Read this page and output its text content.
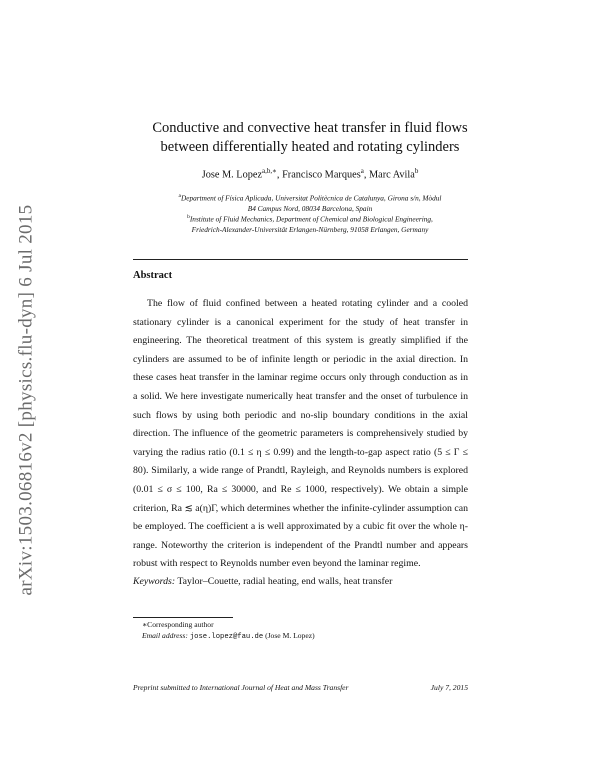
arXiv:1503.06816v2 [physics.flu-dyn] 6 Jul 2015
Conductive and convective heat transfer in fluid flows
between differentially heated and rotating cylinders
Jose M. Lopez$^{a,b,∗}$, Francisco Marques$^a$, Marc Avila$^b$
$^a$Department of Física Aplicada, Universitat Politècnica de Catalunya, Girona s/n, Mòdul
B4 Campus Nord, 08034 Barcelona, Spain
$^b$Institute of Fluid Mechanics, Department of Chemical and Biological Engineering,
Friedrich-Alexander-Universität Erlangen-Nürnberg, 91058 Erlangen, Germany
Abstract

The flow of fluid confined between a heated rotating cylinder and a cooled stationary cylinder is a canonical experiment for the study of heat transfer in engineering. The theoretical treatment of this system is greatly simplified if the cylinders are assumed to be of infinite length or periodic in the axial direction. In these cases heat transfer in the laminar regime occurs only through conduction as in a solid. We here investigate numerically heat transfer and the onset of turbulence in such flows by using both periodic and no-slip boundary conditions in the axial direction. The influence of the geometric parameters is comprehensively studied by varying the radius ratio (0.1 ≤ η ≤ 0.99) and the length-to-gap aspect ratio (5 ≤ Γ ≤ 80). Similarly, a wide range of Prandtl, Rayleigh, and Reynolds numbers is explored (0.01 ≤ σ ≤ 100, Ra ≤ 30000, and Re ≤ 1000, respectively). We obtain a simple criterion, Ra ≲ a(η)Γ, which determines whether the infinite-cylinder assumption can be employed. The coefficient a is well approximated by a cubic fit over the whole η-range. Noteworthy the criterion is independent of the Prandtl number and appears robust with respect to Reynolds number even beyond the laminar regime.

Keywords: Taylor–Couette, radial heating, end walls, heat transfer
∗Corresponding author
Email address: jose.lopez@fau.de (Jose M. Lopez)
Preprint submitted to International Journal of Heat and Mass Transfer	July 7, 2015
